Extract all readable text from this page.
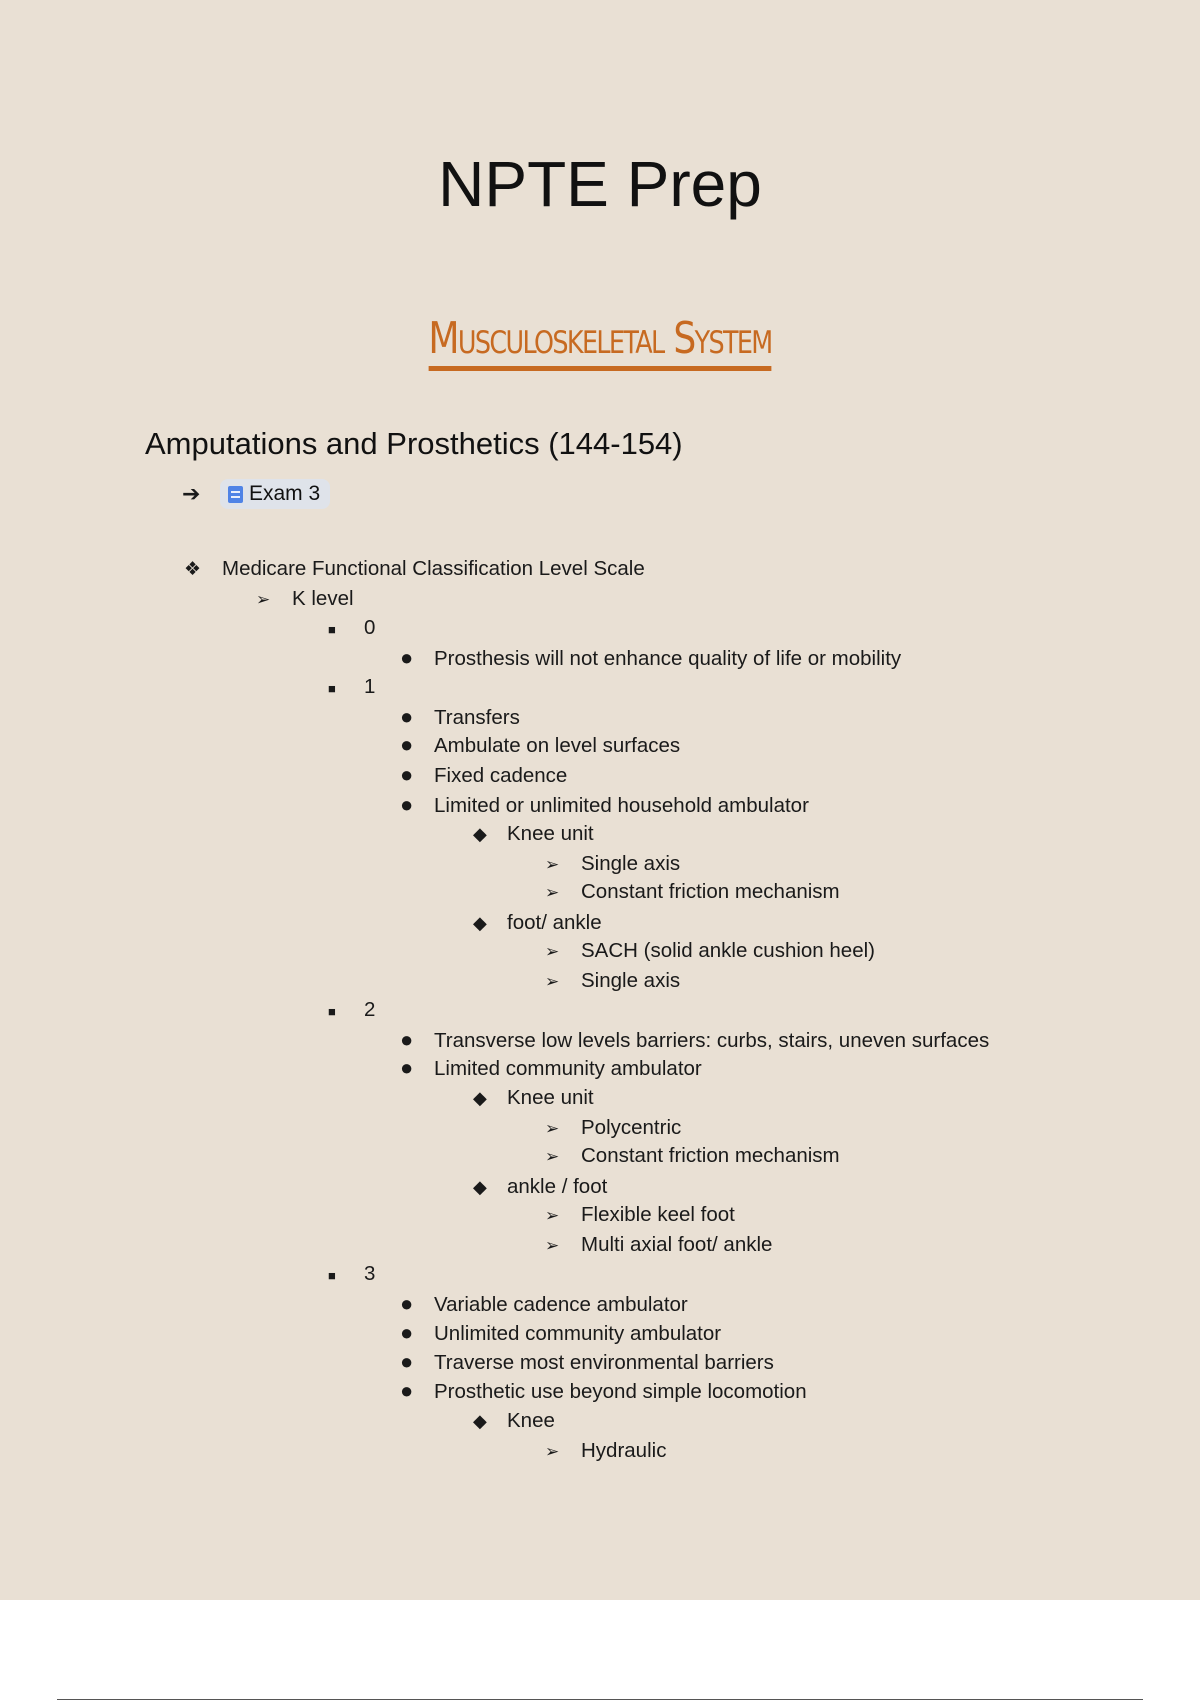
NPTE Prep
Musculoskeletal System
Amputations and Prosthetics (144-154)
➔	Exam 3
❖ Medicare Functional Classification Level Scale
➢ K level
■ 0
● Prosthesis will not enhance quality of life or mobility
■ 1
● Transfers
● Ambulate on level surfaces
● Fixed cadence
● Limited or unlimited household ambulator
◆ Knee unit
➢ Single axis
➢ Constant friction mechanism
◆ foot/ ankle
➢ SACH (solid ankle cushion heel)
➢ Single axis
■ 2
● Transverse low levels barriers: curbs, stairs, uneven surfaces
● Limited community ambulator
◆ Knee unit
➢ Polycentric
➢ Constant friction mechanism
◆ ankle / foot
➢ Flexible keel foot
➢ Multi axial foot/ ankle
■ 3
● Variable cadence ambulator
● Unlimited community ambulator
● Traverse most environmental barriers
● Prosthetic use beyond simple locomotion
◆ Knee
➢ Hydraulic
